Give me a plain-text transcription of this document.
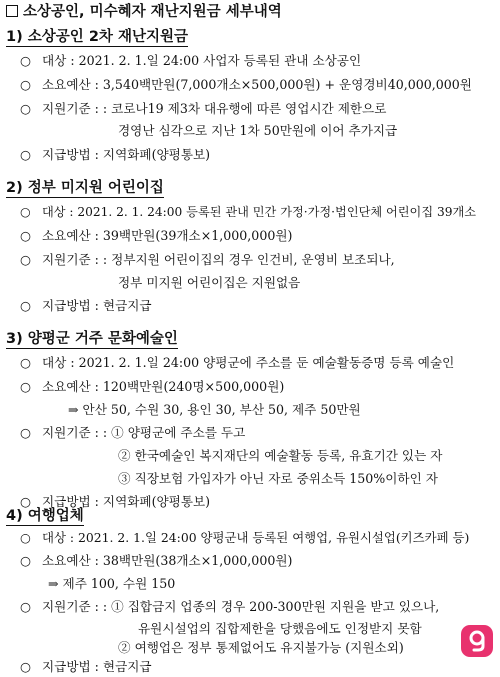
소상공인, 미수혜자 재난지원금 세부내역
1) 소상공인 2차 재난지원금
○ 대상 : 2021. 2. 1.일 24:00 사업자 등록된 관내 소상공인
○ 소요예산 : 3,540백만원(7,000개소×500,000원) + 운영경비40,000,000원
○ 지원기준 : : 코로나19 제3차 대유행에 따른 영업시간 제한으로
경영난 심각으로 지난 1차 50만원에 이어 추가지급
○ 지급방법 : 지역화폐(양평통보)
2) 정부 미지원 어린이집
○ 대상 : 2021. 2. 1. 24:00 등록된 관내 민간 가정·가정·법인단체 어린이집 39개소
○ 소요예산 : 39백만원(39개소×1,000,000원)
○ 지원기준 : : 정부지원 어린이집의 경우 인건비, 운영비 보조되나,
정부 미지원 어린이집은 지원없음
○ 지급방법 : 현금지급
3) 양평군 거주 문화예술인
○ 대상 : 2021. 2. 1.일 24:00 양평군에 주소를 둔 예술활동증명 등록 예술인
○ 소요예산 : 120백만원(240명×500,000원)
⇒ 안산 50, 수원 30, 용인 30, 부산 50, 제주 50만원
○ 지원기준 : : ① 양평군에 주소를 두고
② 한국예술인 복지재단의 예술활동 등록, 유효기간 있는 자
③ 직장보험 가입자가 아닌 자로 중위소득 150%이하인 자
○ 지급방법 : 지역화폐(양평통보)
4) 여행업체
○ 대상 : 2021. 2. 1.일 24:00 양평군내 등록된 여행업, 유원시설업(키즈카페 등)
○ 소요예산 : 38백만원(38개소×1,000,000원)
⇒ 제주 100, 수원 150
○ 지원기준 : : ① 집합금지 업종의 경우 200-300만원 지원을 받고 있으나,
유원시설업의 집합제한을 당했음에도 인정받지 못함
○ 지급방법 : 현금지급
② 여행업은 정부 통제없어도 유지불가능 (지원소외)
